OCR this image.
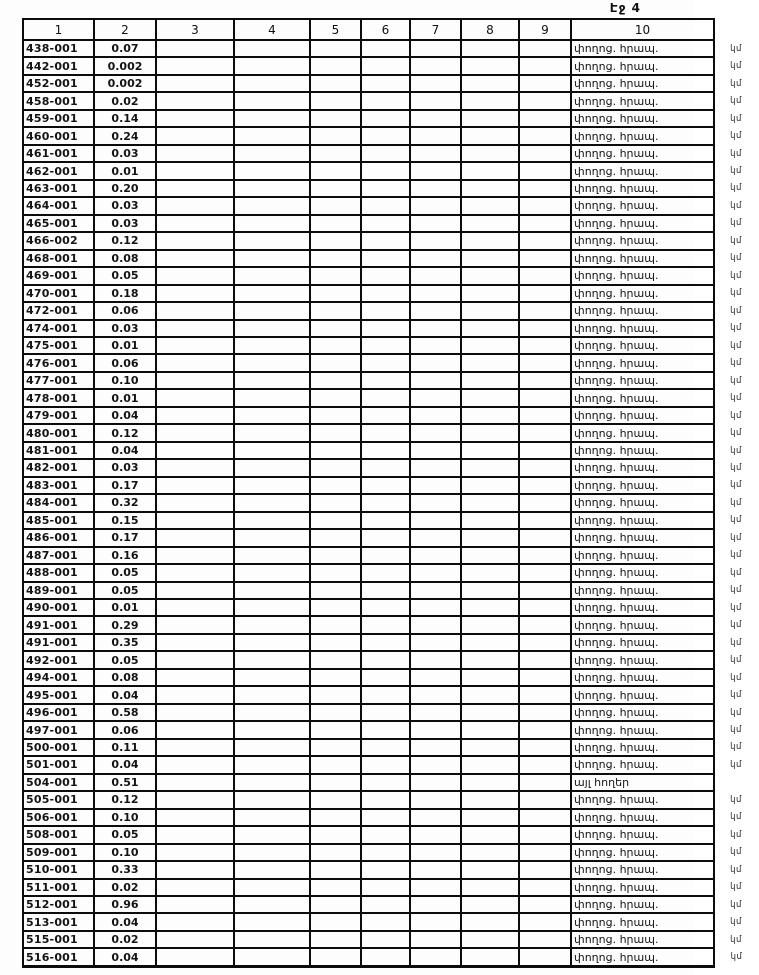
Էջ 4
1	2	3	4	5	6	7	8	9	10	
438-001	0.07								փողոց. հրապ.	կմ
442-001	0.002								փողոց. հրապ.	կմ
452-001	0.002								փողոց. հրապ.	կմ
458-001	0.02								փողոց. հրապ.	կմ
459-001	0.14								փողոց. հրապ.	կմ
460-001	0.24								փողոց. հրապ.	կմ
461-001	0.03								փողոց. հրապ.	կմ
462-001	0.01								փողոց. հրապ.	կմ
463-001	0.20								փողոց. հրապ.	կմ
464-001	0.03								փողոց. հրապ.	կմ
465-001	0.03								փողոց. հրապ.	կմ
466-002	0.12								փողոց. հրապ.	կմ
468-001	0.08								փողոց. հրապ.	կմ
469-001	0.05								փողոց. հրապ.	կմ
470-001	0.18								փողոց. հրապ.	կմ
472-001	0.06								փողոց. հրապ.	կմ
474-001	0.03								փողոց. հրապ.	կմ
475-001	0.01								փողոց. հրապ.	կմ
476-001	0.06								փողոց. հրապ.	կմ
477-001	0.10								փողոց. հրապ.	կմ
478-001	0.01								փողոց. հրապ.	կմ
479-001	0.04								փողոց. հրապ.	կմ
480-001	0.12								փողոց. հրապ.	կմ
481-001	0.04								փողոց. հրապ.	կմ
482-001	0.03								փողոց. հրապ.	կմ
483-001	0.17								փողոց. հրապ.	կմ
484-001	0.32								փողոց. հրապ.	կմ
485-001	0.15								փողոց. հրապ.	կմ
486-001	0.17								փողոց. հրապ.	կմ
487-001	0.16								փողոց. հրապ.	կմ
488-001	0.05								փողոց. հրապ.	կմ
489-001	0.05								փողոց. հրապ.	կմ
490-001	0.01								փողոց. հրապ.	կմ
491-001	0.29								փողոց. հրապ.	կմ
491-001	0.35								փողոց. հրապ.	կմ
492-001	0.05								փողոց. հրապ.	կմ
494-001	0.08								փողոց. հրապ.	կմ
495-001	0.04								փողոց. հրապ.	կմ
496-001	0.58								փողոց. հրապ.	կմ
497-001	0.06								փողոց. հրապ.	կմ
500-001	0.11								փողոց. հրապ.	կմ
501-001	0.04								փողոց. հրապ.	կմ
504-001	0.51								այլ հողեր	
505-001	0.12								փողոց. հրապ.	կմ
506-001	0.10								փողոց. հրապ.	կմ
508-001	0.05								փողոց. հրապ.	կմ
509-001	0.10								փողոց. հրապ.	կմ
510-001	0.33								փողոց. հրապ.	կմ
511-001	0.02								փողոց. հրապ.	կմ
512-001	0.96								փողոց. հրապ.	կմ
513-001	0.04								փողոց. հրապ.	կմ
515-001	0.02								փողոց. հրապ.	կմ
516-001	0.04								փողոց. հրապ.	կմ
